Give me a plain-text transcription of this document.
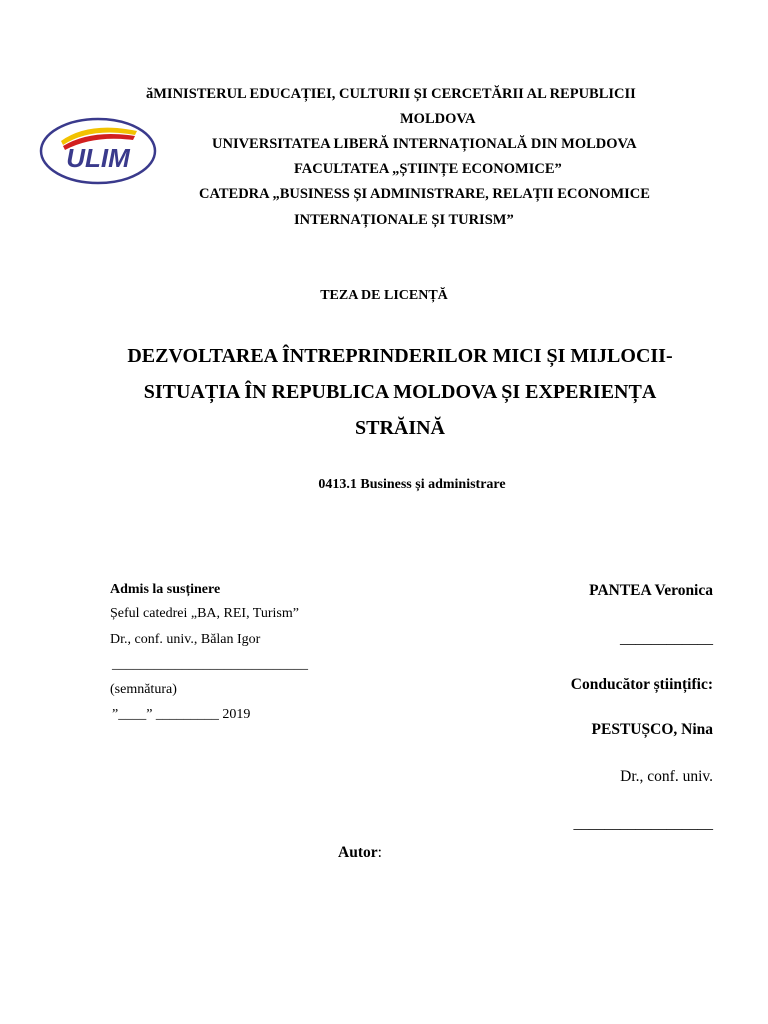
ULIM
ăMINISTERUL EDUCAȚIEI, CULTURII ȘI CERCETĂRII AL REPUBLICII
MOLDOVA
UNIVERSITATEA LIBERĂ INTERNAȚIONALĂ DIN MOLDOVA
FACULTATEA „ȘTIINȚE ECONOMICE”
CATEDRA „BUSINESS ȘI ADMINISTRARE, RELAȚII ECONOMICE
INTERNAȚIONALE ȘI TURISM”
TEZA DE LICENȚĂ
DEZVOLTAREA ÎNTREPRINDERILOR MICI ȘI MIJLOCII-
SITUAȚIA ÎN REPUBLICA MOLDOVA ȘI EXPERIENȚA
STRĂINĂ
0413.1 Business și administrare
Admis la susținere
Șeful catedrei „BA, REI, Turism”
Dr., conf. univ., Bălan Igor
____________________________
(semnătura)
”____” _________ 2019
PANTEA Veronica
____________
Conducător științific:
PESTUȘCO, Nina
Dr., conf. univ.
__________________
Autor:
